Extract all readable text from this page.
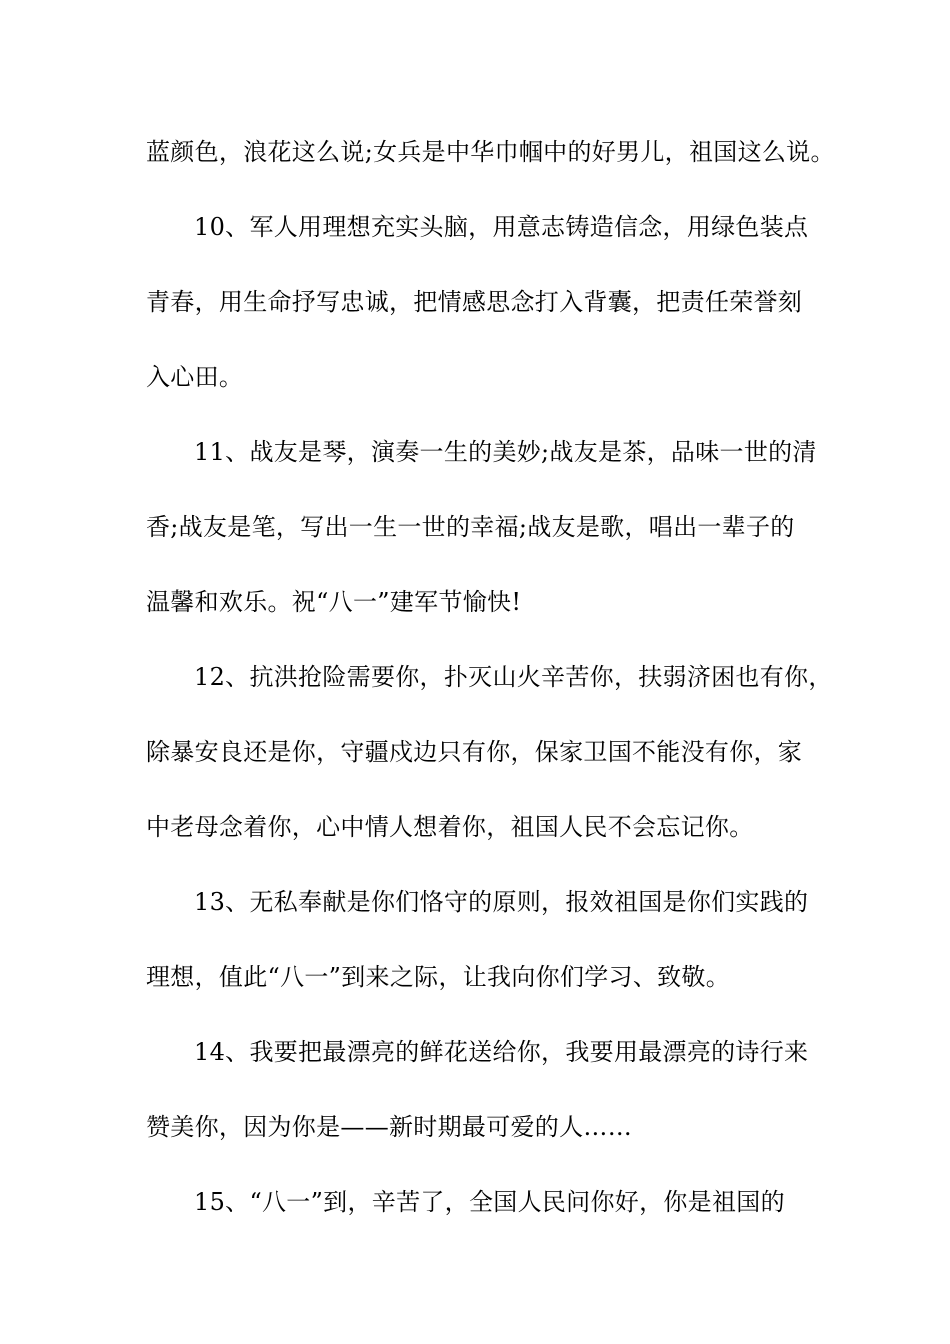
蓝颜色，浪花这么说;女兵是中华巾帼中的好男儿，祖国这么说。
10、军人用理想充实头脑，用意志铸造信念，用绿色装点
青春，用生命抒写忠诚，把情感思念打入背囊，把责任荣誉刻
入心田。
11、战友是琴，演奏一生的美妙;战友是茶，品味一世的清
香;战友是笔，写出一生一世的幸福;战友是歌，唱出一辈子的
温馨和欢乐。祝“八一”建军节愉快!
12、抗洪抢险需要你，扑灭山火辛苦你，扶弱济困也有你，
除暴安良还是你，守疆戍边只有你，保家卫国不能没有你，家
中老母念着你，心中情人想着你，祖国人民不会忘记你。
13、无私奉献是你们恪守的原则，报效祖国是你们实践的
理想，值此“八一”到来之际，让我向你们学习、致敬。
14、我要把最漂亮的鲜花送给你，我要用最漂亮的诗行来
赞美你，因为你是——新时期最可爱的人……
15、“八一”到，辛苦了，全国人民问你好，你是祖国的
